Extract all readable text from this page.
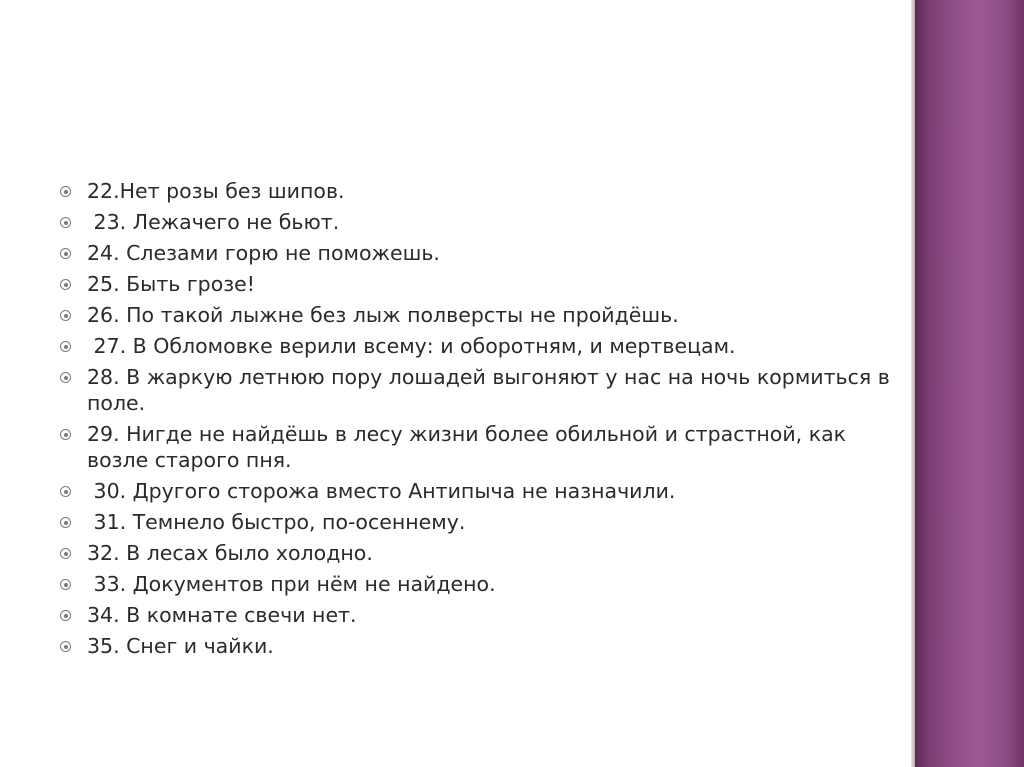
22.Нет розы без шипов.
23. Лежачего не бьют.
24. Слезами горю не поможешь.
25. Быть грозе!
26. По такой лыжне без лыж полверсты не пройдёшь.
27. В Обломовке верили всему: и оборотням, и мертвецам.
28. В жаркую летнюю пору лошадей выгоняют у нас на ночь кормиться в поле.
29. Нигде не найдёшь в лесу жизни более обильной и страстной, как возле старого пня.
30. Другого сторожа вместо Антипыча не назначили.
31. Темнело быстро, по-осеннему.
32. В лесах было холодно.
33. Документов при нём не найдено.
34. В комнате свечи нет.
35. Снег и чайки.
